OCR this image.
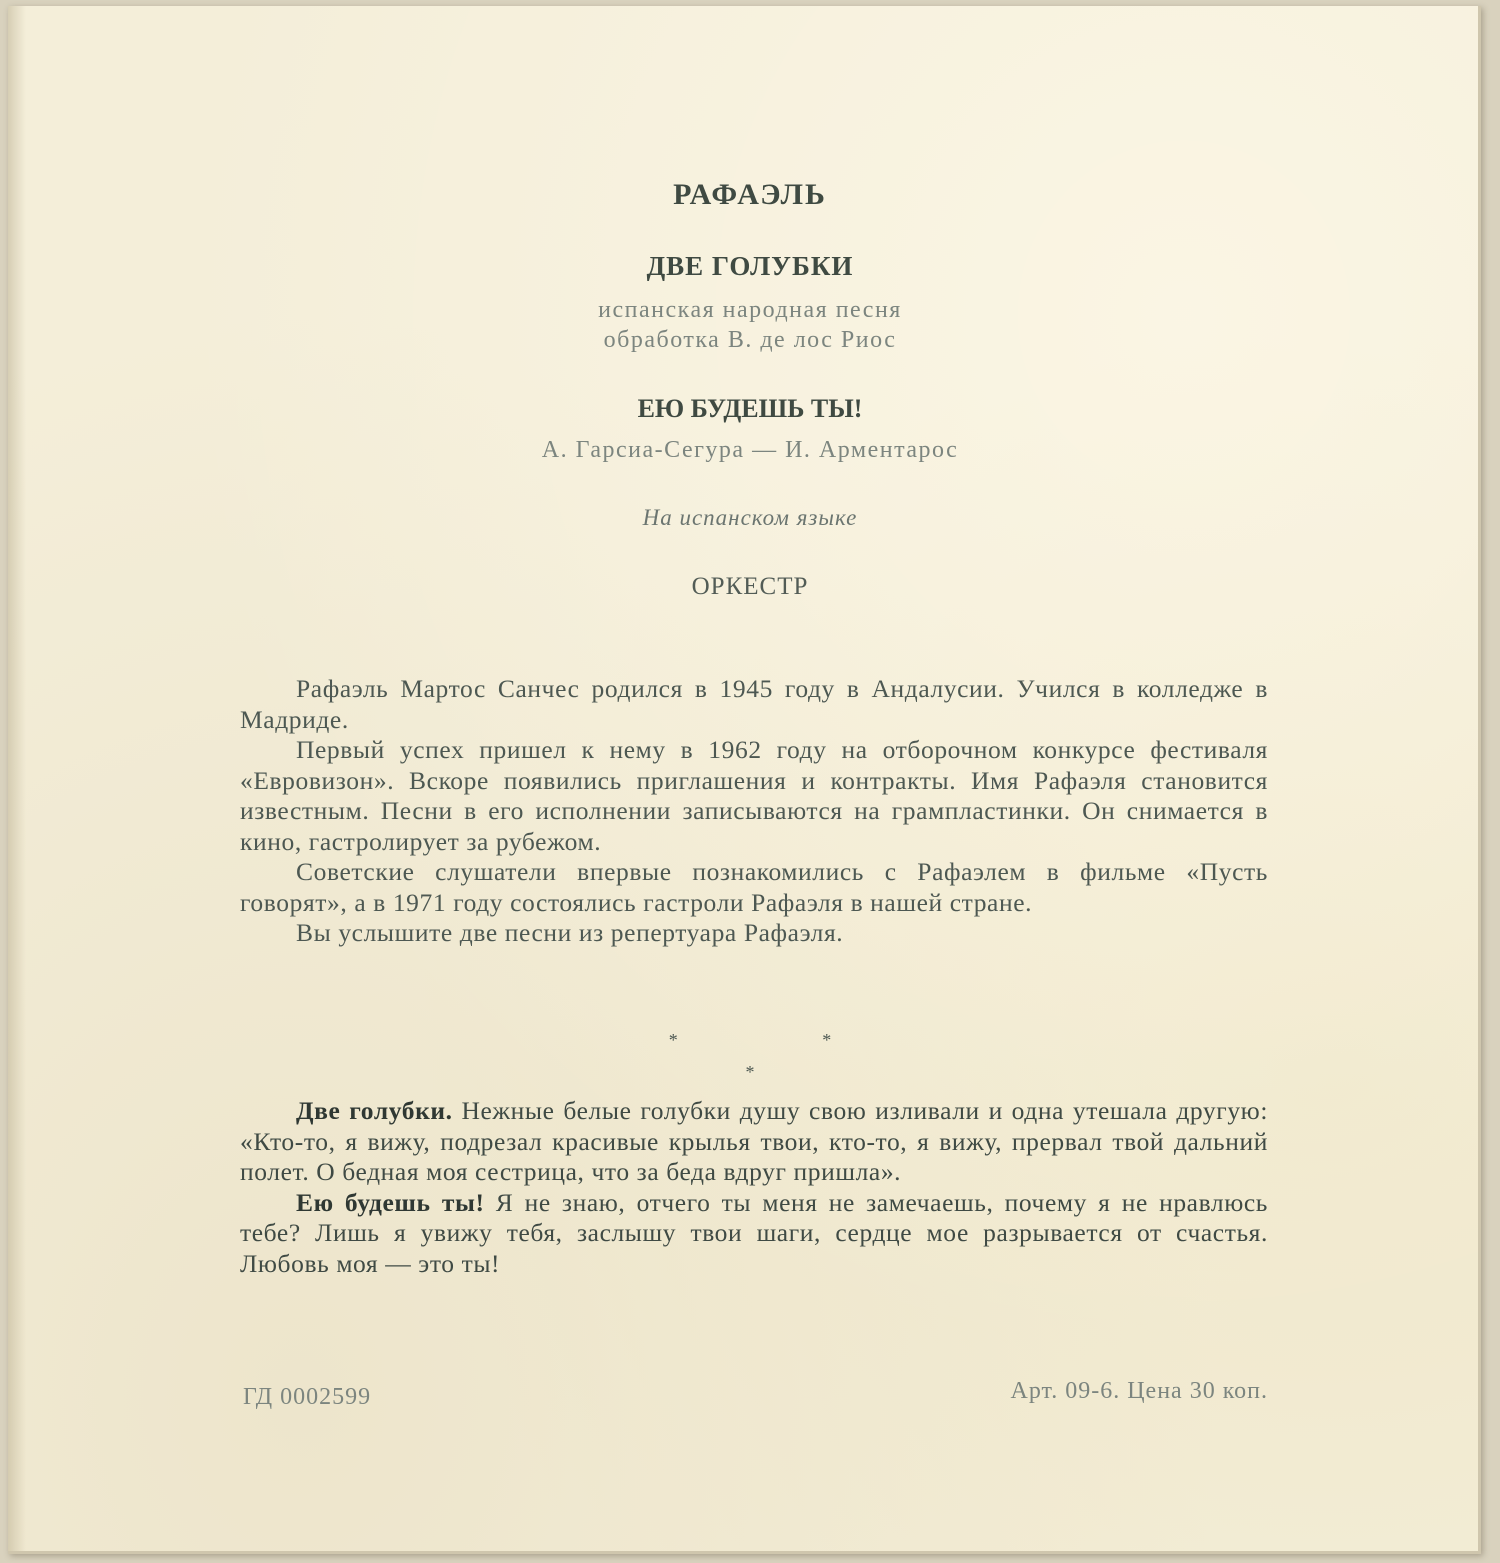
РАФАЭЛЬ
ДВЕ ГОЛУБКИ
испанская народная песня
обработка В. де лос Риос
ЕЮ БУДЕШЬ ТЫ!
А. Гарсиа-Сегура — И. Арментарос
На испанском языке
ОРКЕСТР

Рафаэль Мартос Санчес родился в 1945 году в Андалусии. Учился в колледже в Мадриде.

Первый успех пришел к нему в 1962 году на отборочном конкурсе фестиваля «Евровизон». Вскоре появились приглашения и контракты. Имя Рафаэля становится известным. Песни в его исполнении записываются на грампластинки. Он снимается в кино, гастролирует за рубежом.

Советские слушатели впервые познакомились с Рафаэлем в фильме «Пусть говорят», а в 1971 году состоялись гастроли Рафаэля в нашей стране.

Вы услышите две песни из репертуара Рафаэля.

* *
*

Две голубки. Нежные белые голубки душу свою изливали и одна утешала другую: «Кто-то, я вижу, подрезал красивые крылья твои, кто-то, я вижу, прервал твой дальний полет. О бедная моя сестрица, что за беда вдруг пришла».

Ею будешь ты! Я не знаю, отчего ты меня не замечаешь, почему я не нравлюсь тебе? Лишь я увижу тебя, заслышу твои шаги, сердце мое разрывается от счастья. Любовь моя — это ты!

ГД 0002599	Арт. 09-6. Цена 30 коп.
